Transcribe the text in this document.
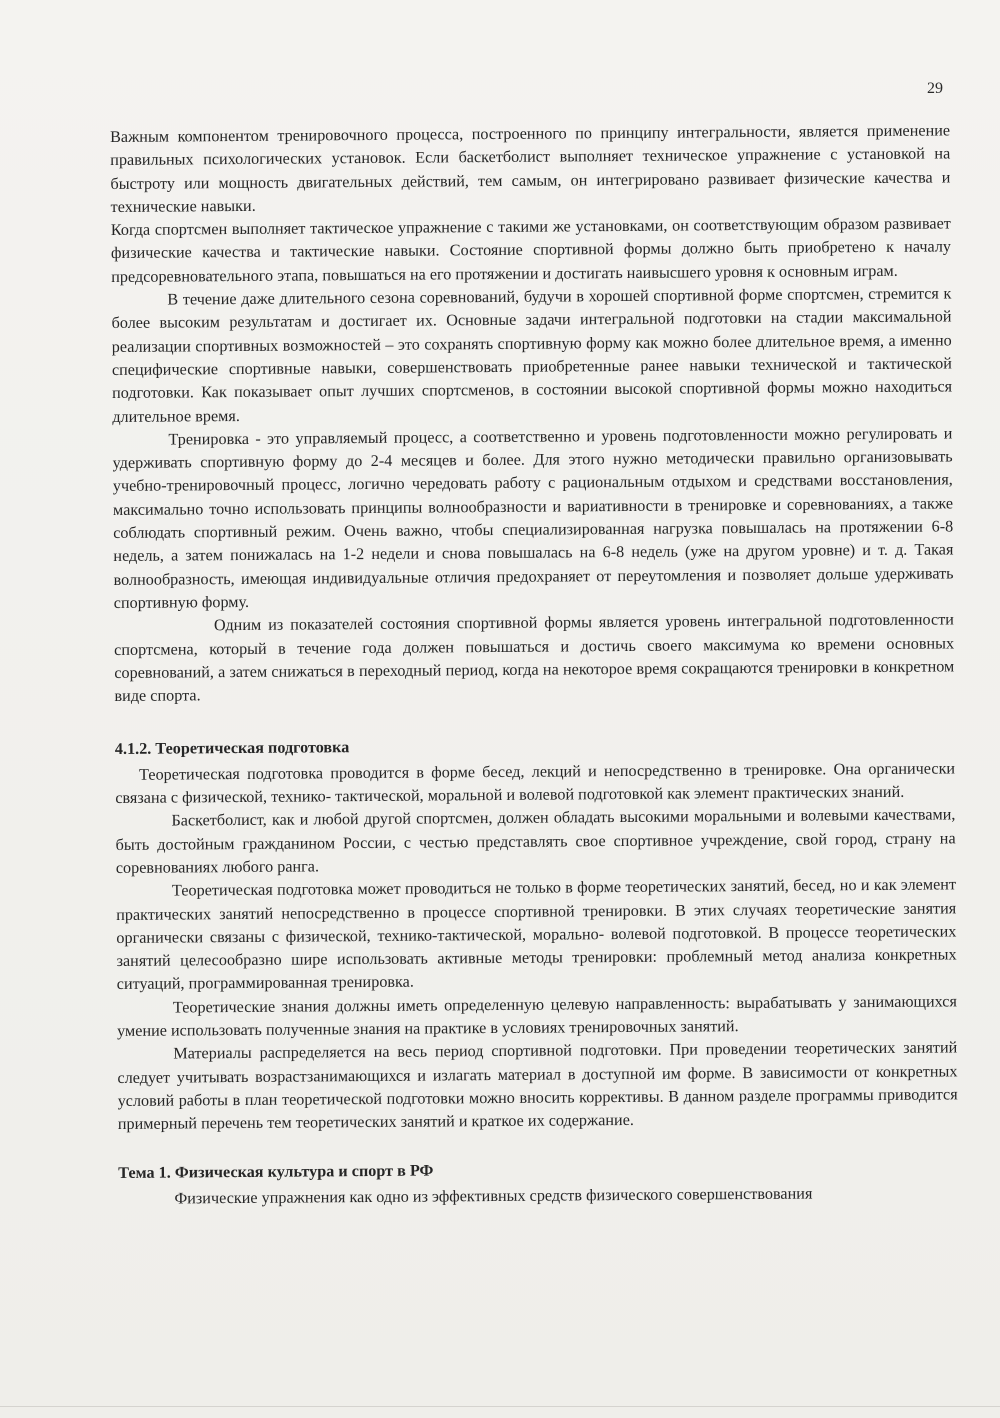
29

Важным компонентом тренировочного процесса, построенного по принципу интегральности, является применение правильных психологических установок. Если баскетболист выполняет техническое упражнение с установкой на быстроту или мощность двигательных действий, тем самым, он интегрировано развивает физические качества и технические навыки.

Когда спортсмен выполняет тактическое упражнение с такими же установками, он соответствующим образом развивает физические качества и тактические навыки. Состояние спортивной формы должно быть приобретено к началу предсоревновательного этапа, повышаться на его протяжении и достигать наивысшего уровня к основным играм.

В течение даже длительного сезона соревнований, будучи в хорошей спортивной форме спортсмен, стремится к более высоким результатам и достигает их. Основные задачи интегральной подготовки на стадии максимальной реализации спортивных возможностей – это сохранять спортивную форму как можно более длительное время, а именно специфические спортивные навыки, совершенствовать приобретенные ранее навыки технической и тактической подготовки. Как показывает опыт лучших спортсменов, в состоянии высокой спортивной формы можно находиться длительное время.

Тренировка - это управляемый процесс, а соответственно и уровень подготовленности можно регулировать и удерживать спортивную форму до 2-4 месяцев и более. Для этого нужно методически правильно организовывать учебно-тренировочный процесс, логично чередовать работу с рациональным отдыхом и средствами восстановления, максимально точно использовать принципы волнообразности и вариативности в тренировке и соревнованиях, а также соблюдать спортивный режим. Очень важно, чтобы специализированная нагрузка повышалась на протяжении 6-8 недель, а затем понижалась на 1-2 недели и снова повышалась на 6-8 недель (уже на другом уровне) и т. д. Такая волнообразность, имеющая индивидуальные отличия предохраняет от переутомления и позволяет дольше удерживать спортивную форму.

Одним из показателей состояния спортивной формы является уровень интегральной подготовленности спортсмена, который в течение года должен повышаться и достичь своего максимума ко времени основных соревнований, а затем снижаться в переходный период, когда на некоторое время сокращаются тренировки в конкретном виде спорта.

4.1.2. Теоретическая подготовка

Теоретическая подготовка проводится в форме бесед, лекций и непосредственно в тренировке. Она органически связана с физической, технико- тактической, моральной и волевой подготовкой как элемент практических знаний.

Баскетболист, как и любой другой спортсмен, должен обладать высокими моральными и волевыми качествами, быть достойным гражданином России, с честью представлять свое спортивное учреждение, свой город, страну на соревнованиях любого ранга.

Теоретическая подготовка может проводиться не только в форме теоретических занятий, бесед, но и как элемент практических занятий непосредственно в процессе спортивной тренировки. В этих случаях теоретические занятия органически связаны с физической, технико-тактической, морально- волевой подготовкой. В процессе теоретических занятий целесообразно шире использовать активные методы тренировки: проблемный метод анализа конкретных ситуаций, программированная тренировка.

Теоретические знания должны иметь определенную целевую направленность: вырабатывать у занимающихся умение использовать полученные знания на практике в условиях тренировочных занятий.

Материалы распределяется на весь период спортивной подготовки. При проведении теоретических занятий следует учитывать возрастзанимающихся и излагать материал в доступной им форме. В зависимости от конкретных условий работы в план теоретической подготовки можно вносить коррективы. В данном разделе программы приводится примерный перечень тем теоретических занятий и краткое их содержание.

Тема 1. Физическая культура и спорт в РФ

Физические упражнения как одно из эффективных средств физического совершенствования
